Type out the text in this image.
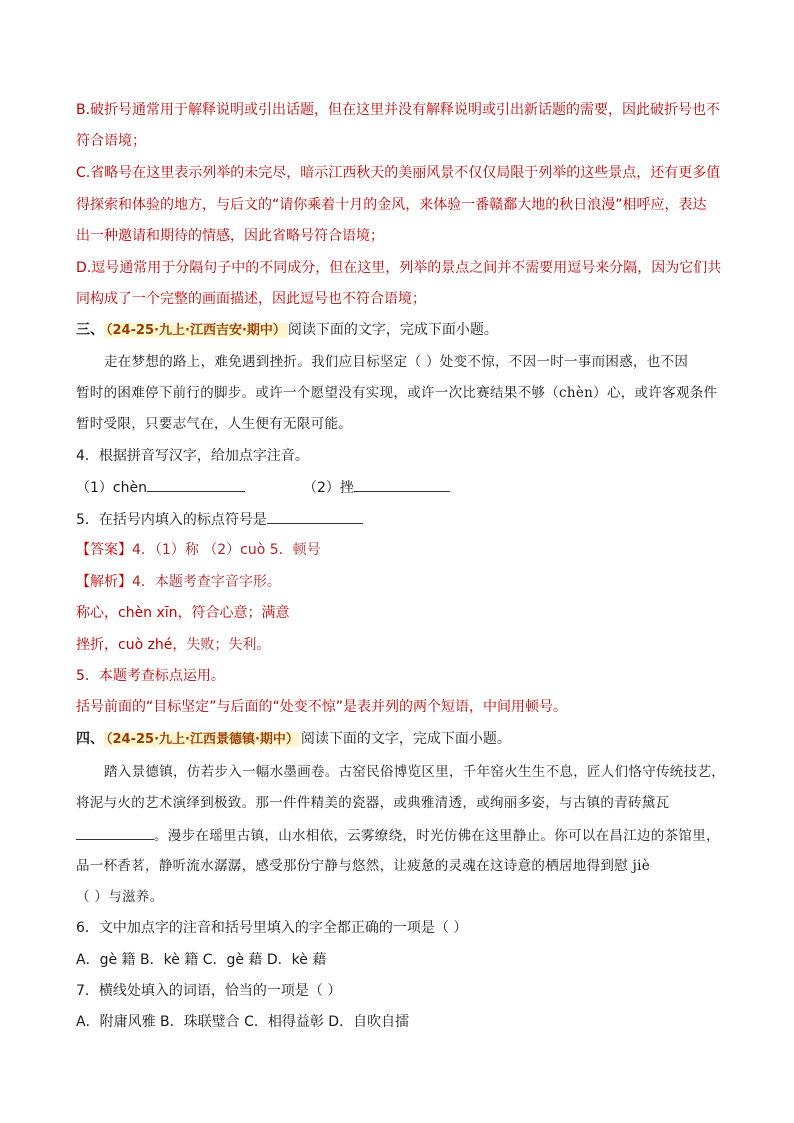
B.破折号通常用于解释说明或引出话题，但在这里并没有解释说明或引出新话题的需要，因此破折号也不
符合语境；
C.省略号在这里表示列举的未完尽，暗示江西秋天的美丽风景不仅仅局限于列举的这些景点，还有更多值
得探索和体验的地方，与后文的“请你乘着十月的金风，来体验一番赣鄱大地的秋日浪漫”相呼应，表达
出一种邀请和期待的情感，因此省略号符合语境；
D.逗号通常用于分隔句子中的不同成分，但在这里，列举的景点之间并不需要用逗号来分隔，因为它们共
同构成了一个完整的画面描述，因此逗号也不符合语境；
三、 （24-25·九上·江西吉安·期中） 阅读下面的文字，完成下面小题。
走在梦想的路上，难免遇到挫折。我们应目标坚定（ ）处变不惊，不因一时一事而困惑，也不因
暂时的困难停下前行的脚步。或许一个愿望没有实现，或许一次比赛结果不够（chèn）心，或许客观条件
暂时受限，只要志气在，人生便有无限可能。
4．根据拼音写汉字，给加点字注音。
（1）chèn	（2）挫
5．在括号内填入的标点符号是
【答案】4．（1）称 （2）cuò 5．顿号
【解析】4．本题考查字音字形。
称心，chèn xīn，符合心意；满意
挫折，cuò zhé，失败；失利。
5．本题考查标点运用。
括号前面的“目标坚定”与后面的“处变不惊”是表并列的两个短语，中间用顿号。
四、 （24-25·九上·江西景德镇·期中） 阅读下面的文字，完成下面小题。
踏入景德镇，仿若步入一幅水墨画卷。古窑民俗博览区里，千年窑火生生不息，匠人们恪守传统技艺，
将泥与火的艺术演绎到极致。那一件件精美的瓷器，或典雅清透，或绚丽多姿，与古镇的青砖黛瓦
。漫步在瑶里古镇，山水相依，云雾缭绕，时光仿佛在这里静止。你可以在昌江边的茶馆里，
品一杯香茗，静听流水潺潺，感受那份宁静与悠然，让疲惫的灵魂在这诗意的栖居地得到慰 jiè
（ ）与滋养。
6．文中加点字的注音和括号里填入的字全都正确的一项是（ ）
A．gè 籍 B．kè 籍 C．gè 藉 D．kè 藉
7．横线处填入的词语，恰当的一项是（ ）
A．附庸风雅 B．珠联璧合 C．相得益彰 D．自吹自擂
